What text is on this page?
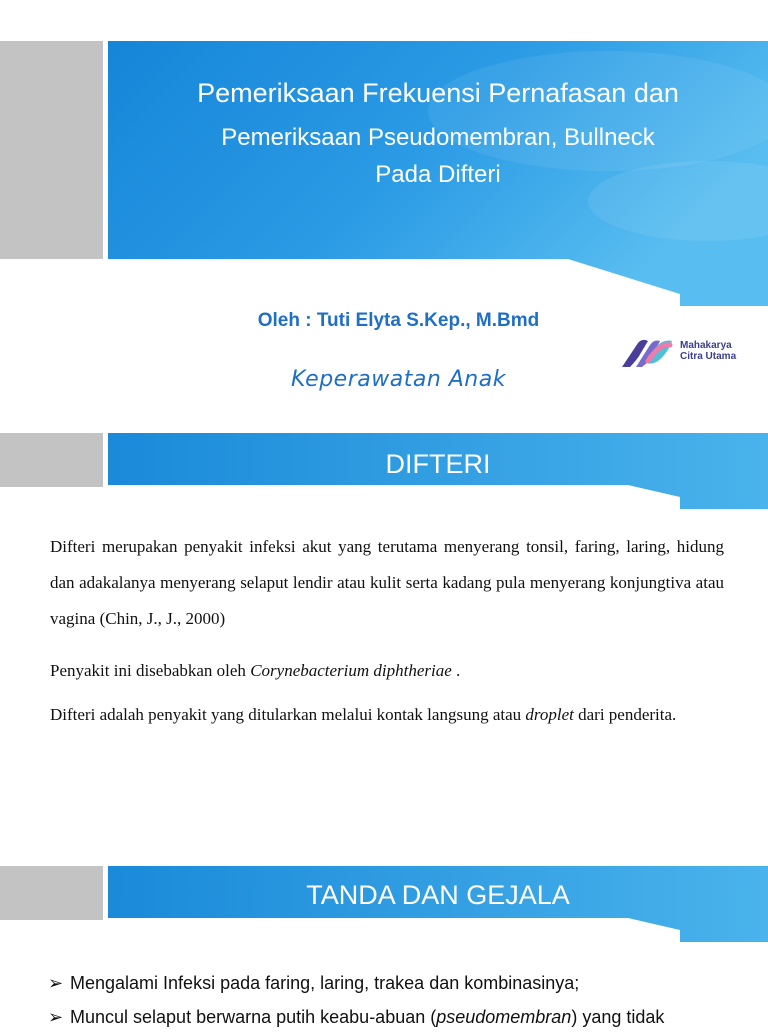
Pemeriksaan Frekuensi Pernafasan dan
Pemeriksaan Pseudomembran, Bullneck
Pada Difteri
Oleh : Tuti Elyta S.Kep., M.Bmd
Keperawatan Anak
Mahakarya
Citra Utama
DIFTERI
Difteri merupakan penyakit infeksi akut yang terutama menyerang tonsil, faring, laring, hidung dan adakalanya menyerang selaput lendir atau kulit serta kadang pula menyerang konjungtiva atau vagina (Chin, J., J., 2000)
Penyakit ini disebabkan oleh Corynebacterium diphtheriae .
Difteri adalah penyakit yang ditularkan melalui kontak langsung atau droplet dari penderita.
TANDA DAN GEJALA
➢ Mengalami Infeksi pada faring, laring, trakea dan kombinasinya;
➢ Muncul selaput berwarna putih keabu-abuan (pseudomembran) yang tidak
